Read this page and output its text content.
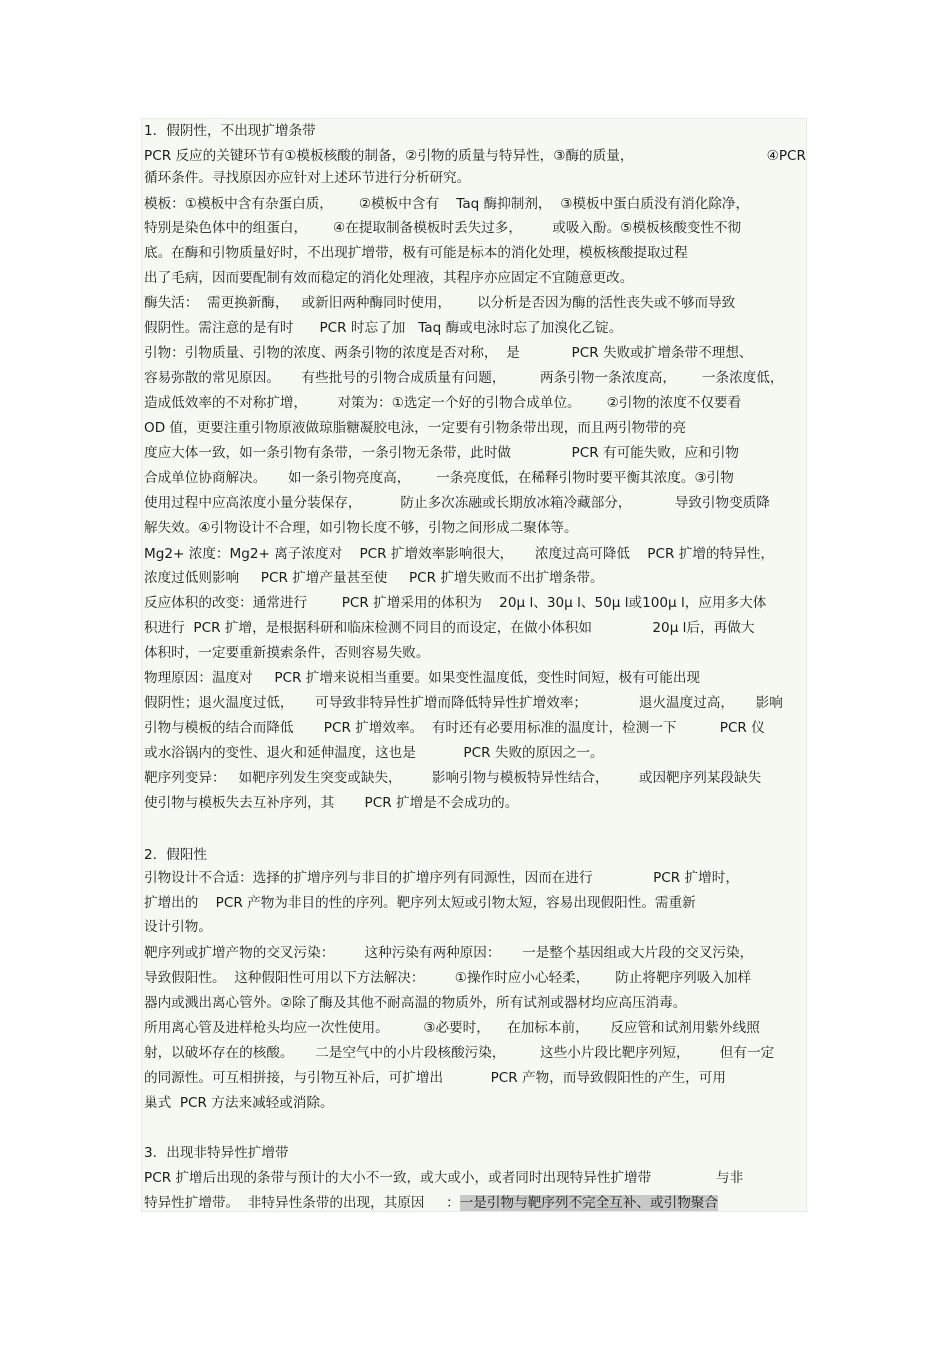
1．假阴性，不出现扩增条带
PCR 反应的关键环节有①模板核酸的制备，②引物的质量与特异性，③酶的质量，	④PCR
循环条件。寻找原因亦应针对上述环节进行分析研究。
模板：①模板中含有杂蛋白质，      ②模板中含有    Taq 酶抑制剂，  ③模板中蛋白质没有消化除净，
特别是染色体中的组蛋白，      ④在提取制备模板时丢失过多，       或吸入酚。⑤模板核酸变性不彻
底。在酶和引物质量好时，不出现扩增带，极有可能是标本的消化处理，模板核酸提取过程
出了毛病，因而要配制有效而稳定的消化处理液，其程序亦应固定不宜随意更改。
酶失活：  需更换新酶，   或新旧两种酶同时使用，      以分析是否因为酶的活性丧失或不够而导致
假阴性。需注意的是有时      PCR 时忘了加   Taq 酶或电泳时忘了加溴化乙锭。
引物：引物质量、引物的浓度、两条引物的浓度是否对称，  是            PCR 失败或扩增条带不理想、
容易弥散的常见原因。     有些批号的引物合成质量有问题，        两条引物一条浓度高，      一条浓度低，
造成低效率的不对称扩增，       对策为：①选定一个好的引物合成单位。      ②引物的浓度不仅要看
OD 值，更要注重引物原液做琼脂糖凝胶电泳，一定要有引物条带出现，而且两引物带的亮
度应大体一致，如一条引物有条带，一条引物无条带，此时做              PCR 有可能失败，应和引物
合成单位协商解决。     如一条引物亮度高，      一条亮度低，在稀释引物时要平衡其浓度。③引物
使用过程中应高浓度小量分装保存，         防止多次冻融或长期放冰箱冷藏部分，          导致引物变质降
解失效。④引物设计不合理，如引物长度不够，引物之间形成二聚体等。
Mg2+ 浓度：Mg2+ 离子浓度对    PCR 扩增效率影响很大，     浓度过高可降低    PCR 扩增的特异性，
浓度过低则影响     PCR 扩增产量甚至使     PCR 扩增失败而不出扩增条带。
反应体积的改变：通常进行        PCR 扩增采用的体积为    20μ l、30μ l、50μ l或100μ l，应用多大体
积进行  PCR 扩增，是根据科研和临床检测不同目的而设定，在做小体积如              20μ l后，再做大
体积时，一定要重新摸索条件，否则容易失败。
物理原因：温度对     PCR 扩增来说相当重要。如果变性温度低，变性时间短，极有可能出现
假阴性；退火温度过低，     可导致非特异性扩增而降低特异性扩增效率；            退火温度过高，     影响
引物与模板的结合而降低       PCR 扩增效率。  有时还有必要用标准的温度计，检测一下          PCR 仪
或水浴锅内的变性、退火和延伸温度，这也是           PCR 失败的原因之一。
靶序列变异：   如靶序列发生突变或缺失，       影响引物与模板特异性结合，       或因靶序列某段缺失
使引物与模板失去互补序列，其       PCR 扩增是不会成功的。
2．假阳性
引物设计不合适：选择的扩增序列与非目的扩增序列有同源性，因而在进行              PCR 扩增时，
扩增出的    PCR 产物为非目的性的序列。靶序列太短或引物太短，容易出现假阳性。需重新
设计引物。
靶序列或扩增产物的交叉污染：       这种污染有两种原因：     一是整个基因组或大片段的交叉污染，
导致假阳性。  这种假阳性可用以下方法解决：       ①操作时应小心轻柔，      防止将靶序列吸入加样
器内或溅出离心管外。②除了酶及其他不耐高温的物质外，所有试剂或器材均应高压消毒。
所用离心管及进样枪头均应一次性使用。        ③必要时，    在加标本前，     反应管和试剂用紫外线照
射，以破坏存在的核酸。     二是空气中的小片段核酸污染，        这些小片段比靶序列短，       但有一定
的同源性。可互相拼接，与引物互补后，可扩增出           PCR 产物，而导致假阳性的产生，可用
巢式  PCR 方法来减轻或消除。
3．出现非特异性扩增带
PCR 扩增后出现的条带与预计的大小不一致，或大或小，或者同时出现特异性扩增带               与非
特异性扩增带。  非特异性条带的出现，其原因     ：一是引物与靶序列不完全互补、或引物聚合
